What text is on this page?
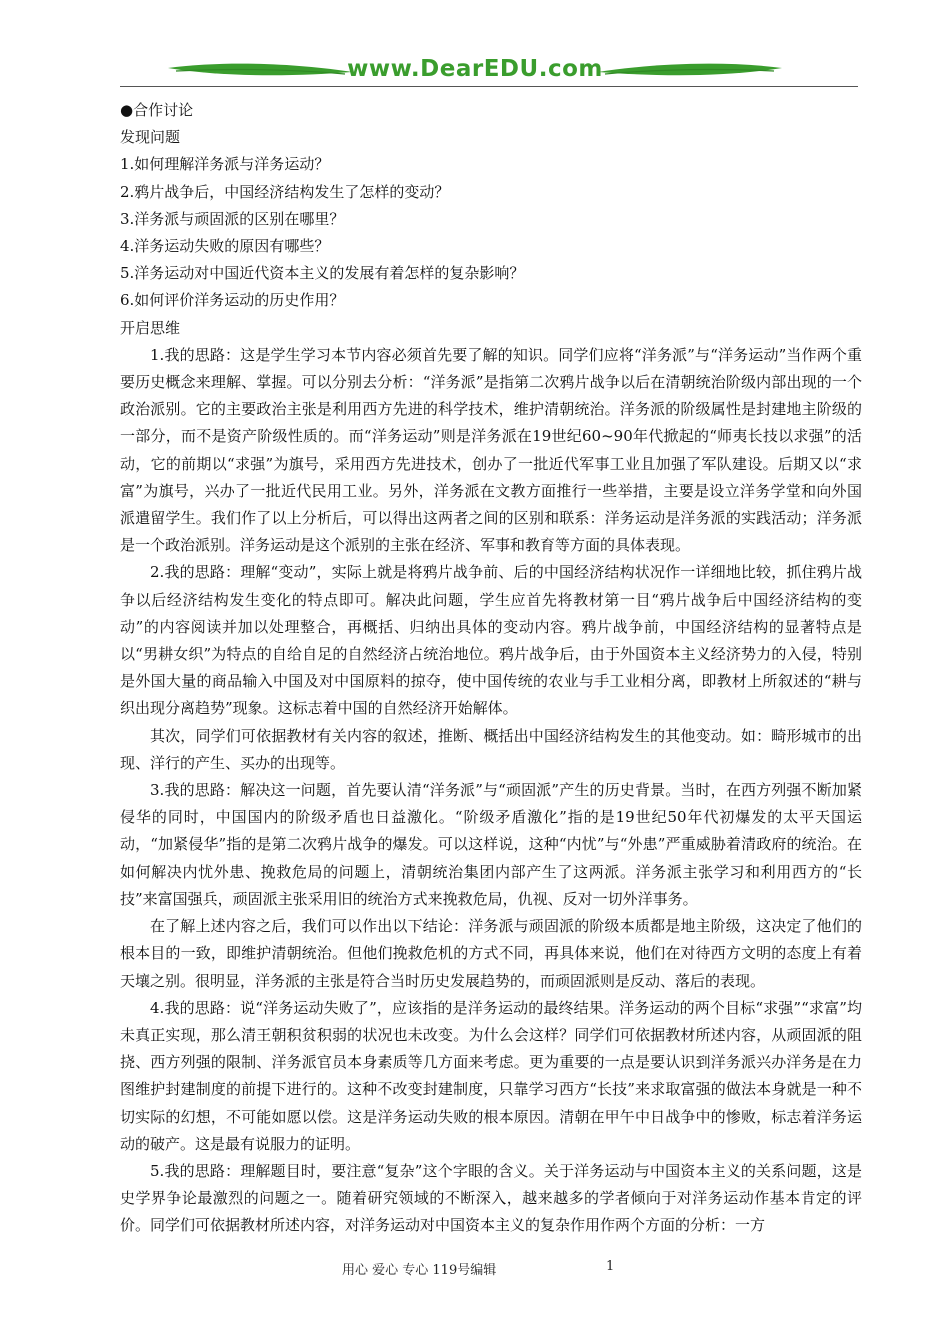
www.DearEDU.com

●合作讨论

发现问题

1.如何理解洋务派与洋务运动？

2.鸦片战争后，中国经济结构发生了怎样的变动？

3.洋务派与顽固派的区别在哪里？

4.洋务运动失败的原因有哪些？

5.洋务运动对中国近代资本主义的发展有着怎样的复杂影响？

6.如何评价洋务运动的历史作用？

开启思维

1.我的思路：这是学生学习本节内容必须首先要了解的知识。同学们应将“洋务派”与“洋务运动”当作两个重要历史概念来理解、掌握。可以分别去分析：“洋务派”是指第二次鸦片战争以后在清朝统治阶级内部出现的一个政治派别。它的主要政治主张是利用西方先进的科学技术，维护清朝统治。洋务派的阶级属性是封建地主阶级的一部分，而不是资产阶级性质的。而“洋务运动”则是洋务派在19世纪60~90年代掀起的“师夷长技以求强”的活动，它的前期以“求强”为旗号，采用西方先进技术，创办了一批近代军事工业且加强了军队建设。后期又以“求富”为旗号，兴办了一批近代民用工业。另外，洋务派在文教方面推行一些举措，主要是设立洋务学堂和向外国派遣留学生。我们作了以上分析后，可以得出这两者之间的区别和联系：洋务运动是洋务派的实践活动；洋务派是一个政治派别。洋务运动是这个派别的主张在经济、军事和教育等方面的具体表现。

2.我的思路：理解“变动”，实际上就是将鸦片战争前、后的中国经济结构状况作一详细地比较，抓住鸦片战争以后经济结构发生变化的特点即可。解决此问题，学生应首先将教材第一目“鸦片战争后中国经济结构的变动”的内容阅读并加以处理整合，再概括、归纳出具体的变动内容。鸦片战争前，中国经济结构的显著特点是以“男耕女织”为特点的自给自足的自然经济占统治地位。鸦片战争后，由于外国资本主义经济势力的入侵，特别是外国大量的商品输入中国及对中国原料的掠夺，使中国传统的农业与手工业相分离，即教材上所叙述的“耕与织出现分离趋势”现象。这标志着中国的自然经济开始解体。

其次，同学们可依据教材有关内容的叙述，推断、概括出中国经济结构发生的其他变动。如：畸形城市的出现、洋行的产生、买办的出现等。

3.我的思路：解决这一问题，首先要认清“洋务派”与“顽固派”产生的历史背景。当时，在西方列强不断加紧侵华的同时，中国国内的阶级矛盾也日益激化。“阶级矛盾激化”指的是19世纪50年代初爆发的太平天国运动，“加紧侵华”指的是第二次鸦片战争的爆发。可以这样说，这种“内忧”与“外患”严重威胁着清政府的统治。在如何解决内忧外患、挽救危局的问题上，清朝统治集团内部产生了这两派。洋务派主张学习和利用西方的“长技”来富国强兵，顽固派主张采用旧的统治方式来挽救危局，仇视、反对一切外洋事务。

在了解上述内容之后，我们可以作出以下结论：洋务派与顽固派的阶级本质都是地主阶级，这决定了他们的根本目的一致，即维护清朝统治。但他们挽救危机的方式不同，再具体来说，他们在对待西方文明的态度上有着天壤之别。很明显，洋务派的主张是符合当时历史发展趋势的，而顽固派则是反动、落后的表现。

4.我的思路：说“洋务运动失败了”，应该指的是洋务运动的最终结果。洋务运动的两个目标“求强”“求富”均未真正实现，那么清王朝积贫积弱的状况也未改变。为什么会这样？同学们可依据教材所述内容，从顽固派的阻挠、西方列强的限制、洋务派官员本身素质等几方面来考虑。更为重要的一点是要认识到洋务派兴办洋务是在力图维护封建制度的前提下进行的。这种不改变封建制度，只靠学习西方“长技”来求取富强的做法本身就是一种不切实际的幻想，不可能如愿以偿。这是洋务运动失败的根本原因。清朝在甲午中日战争中的惨败，标志着洋务运动的破产。这是最有说服力的证明。

5.我的思路：理解题目时，要注意“复杂”这个字眼的含义。关于洋务运动与中国资本主义的关系问题，这是史学界争论最激烈的问题之一。随着研究领域的不断深入，越来越多的学者倾向于对洋务运动作基本肯定的评价。同学们可依据教材所述内容，对洋务运动对中国资本主义的复杂作用作两个方面的分析：一方

用心 爱心 专心 119号编辑	1
